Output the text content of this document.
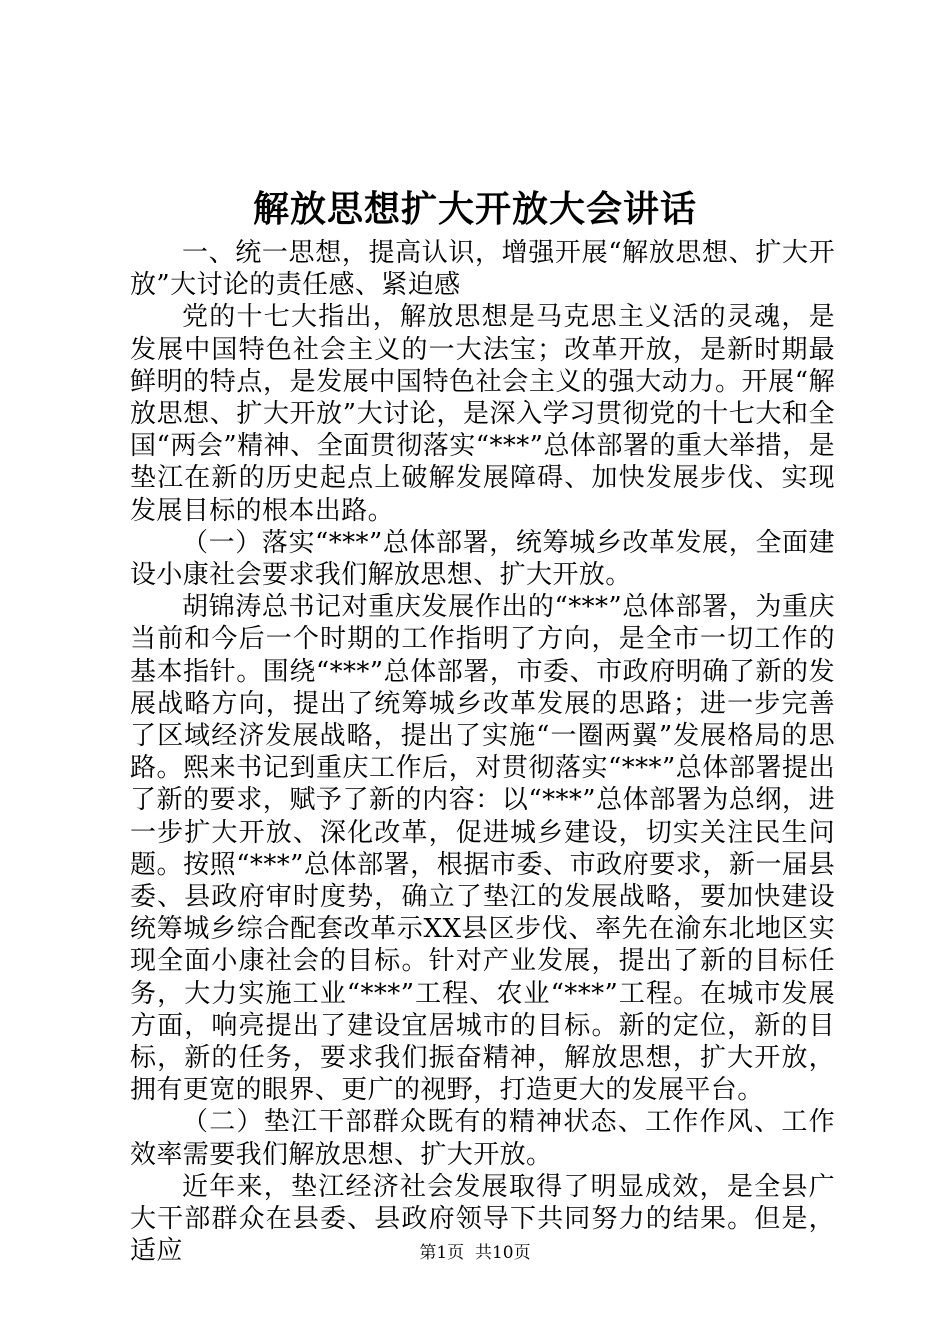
解放思想扩大开放大会讲话

一、统一思想，提高认识，增强开展“解放思想、扩大开放”大讨论的责任感、紧迫感

党的十七大指出，解放思想是马克思主义活的灵魂，是发展中国特色社会主义的一大法宝；改革开放，是新时期最鲜明的特点，是发展中国特色社会主义的强大动力。开展“解放思想、扩大开放”大讨论，是深入学习贯彻党的十七大和全国“两会”精神、全面贯彻落实“***”总体部署的重大举措，是垫江在新的历史起点上破解发展障碍、加快发展步伐、实现发展目标的根本出路。

（一）落实“***”总体部署，统筹城乡改革发展，全面建设小康社会要求我们解放思想、扩大开放。

胡锦涛总书记对重庆发展作出的“***”总体部署，为重庆当前和今后一个时期的工作指明了方向，是全市一切工作的基本指针。围绕“***”总体部署，市委、市政府明确了新的发展战略方向，提出了统筹城乡改革发展的思路；进一步完善了区域经济发展战略，提出了实施“一圈两翼”发展格局的思路。熙来书记到重庆工作后，对贯彻落实“***”总体部署提出了新的要求，赋予了新的内容：以“***”总体部署为总纲，进一步扩大开放、深化改革，促进城乡建设，切实关注民生问题。按照“***”总体部署，根据市委、市政府要求，新一届县委、县政府审时度势，确立了垫江的发展战略，要加快建设统筹城乡综合配套改革示XX县区步伐、率先在渝东北地区实现全面小康社会的目标。针对产业发展，提出了新的目标任务，大力实施工业“***”工程、农业“***”工程。在城市发展方面，响亮提出了建设宜居城市的目标。新的定位，新的目标，新的任务，要求我们振奋精神，解放思想，扩大开放，拥有更宽的眼界、更广的视野，打造更大的发展平台。

（二）垫江干部群众既有的精神状态、工作作风、工作效率需要我们解放思想、扩大开放。

近年来，垫江经济社会发展取得了明显成效，是全县广大干部群众在县委、县政府领导下共同努力的结果。但是，适应	第1页  共10页
